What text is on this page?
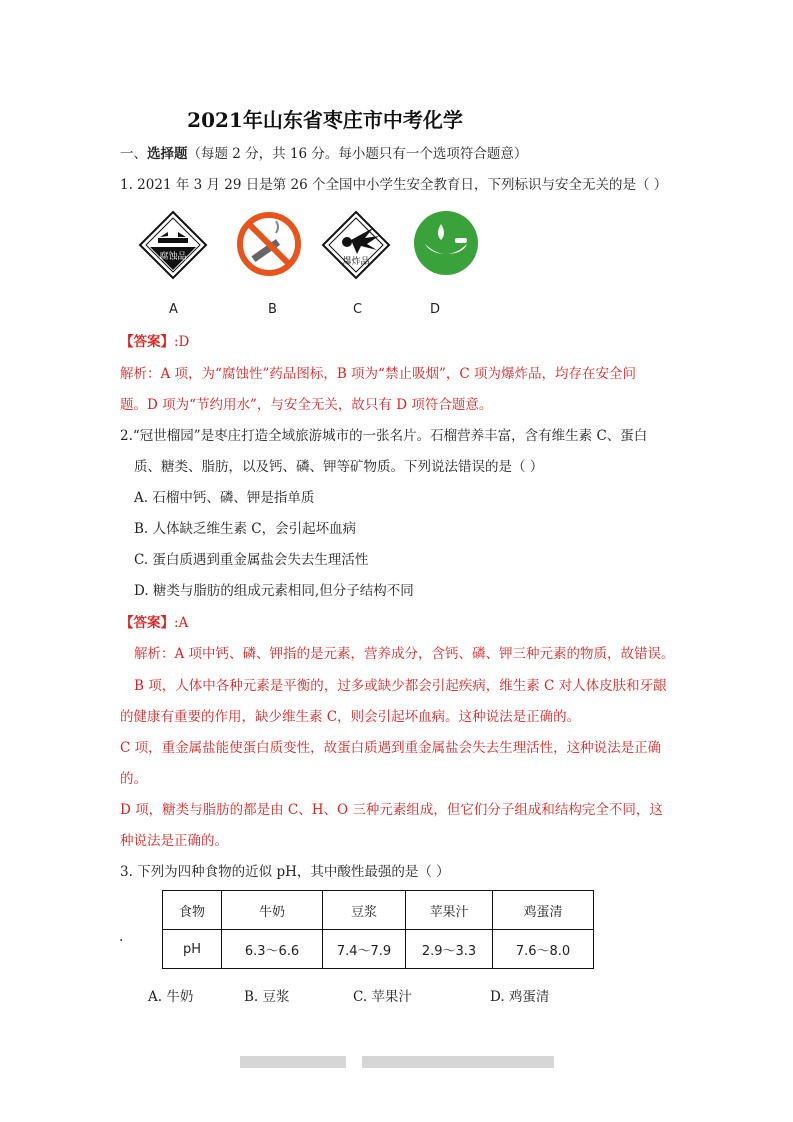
2021年山东省枣庄市中考化学
一、选择题（每题 2 分，共 16 分。每小题只有一个选项符合题意）
1. 2021 年 3 月 29 日是第 26 个全国中小学生安全教育日，下列标识与安全无关的是（ ）
腐蚀品	爆炸品
A	B	C	D
【答案】:D
解析：A 项，为“腐蚀性”药品图标，B 项为“禁止吸烟”，C 项为爆炸品，均存在安全问
题。D 项为“节约用水”，与安全无关，故只有 D 项符合题意。
2.“冠世榴园”是枣庄打造全域旅游城市的一张名片。石榴营养丰富，含有维生素 C、蛋白
质、糖类、脂肪，以及钙、磷、钾等矿物质。下列说法错误的是（ ）
A. 石榴中钙、磷、钾是指单质
B. 人体缺乏维生素 C，会引起坏血病
C. 蛋白质遇到重金属盐会失去生理活性
D. 糖类与脂肪的组成元素相同,但分子结构不同
【答案】:A
解析：A 项中钙、磷、钾指的是元素，营养成分，含钙、磷、钾三种元素的物质，故错误。
B 项，人体中各种元素是平衡的，过多或缺少都会引起疾病，维生素 C 对人体皮肤和牙龈
的健康有重要的作用，缺少维生素 C，则会引起坏血病。这种说法是正确的。
C 项，重金属盐能使蛋白质变性，故蛋白质遇到重金属盐会失去生理活性，这种说法是正确
的。
D 项，糖类与脂肪的都是由 C、H、O 三种元素组成，但它们分子组成和结构完全不同，这
种说法是正确的。
3. 下列为四种食物的近似 pH，其中酸性最强的是（ ）
.
食物	牛奶	豆浆	苹果汁	鸡蛋清
pH	6.3～6.6	7.4～7.9	2.9～3.3	7.6～8.0
A. 牛奶	B. 豆浆	C. 苹果汁	D. 鸡蛋清
